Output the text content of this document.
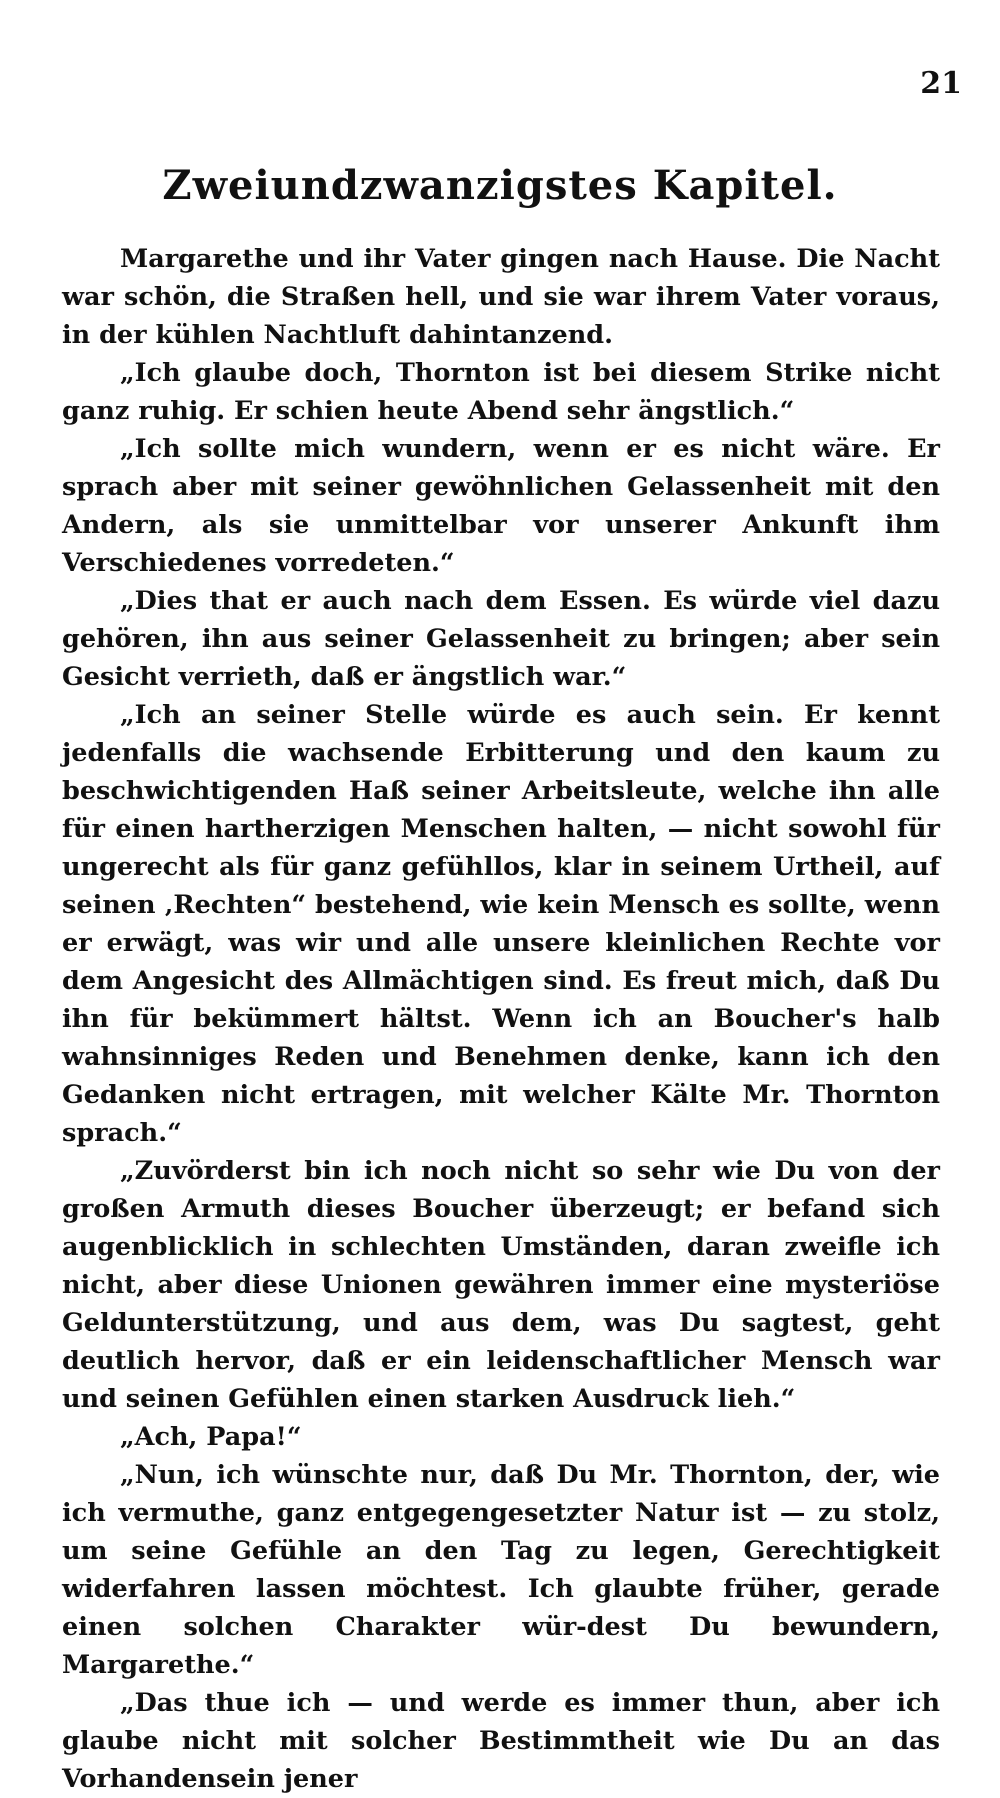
21
Zweiundzwanzigstes Kapitel.

Margarethe und ihr Vater gingen nach Hause. Die Nacht war schön, die Straßen hell, und sie war ihrem Vater voraus, in der kühlen Nachtluft dahintanzend.

„Ich glaube doch, Thornton ist bei diesem Strike nicht ganz ruhig. Er schien heute Abend sehr ängstlich.“

„Ich sollte mich wundern, wenn er es nicht wäre. Er sprach aber mit seiner gewöhnlichen Gelassenheit mit den Andern, als sie unmittelbar vor unserer Ankunft ihm Verschiedenes vorredeten.“

„Dies that er auch nach dem Essen. Es würde viel dazu gehören, ihn aus seiner Gelassenheit zu bringen; aber sein Gesicht verrieth, daß er ängstlich war.“

„Ich an seiner Stelle würde es auch sein. Er kennt jedenfalls die wachsende Erbitterung und den kaum zu beschwichtigenden Haß seiner Arbeitsleute, welche ihn alle für einen hartherzigen Menschen halten, — nicht sowohl für ungerecht als für ganz gefühllos, klar in seinem Urtheil, auf seinen ‚Rechten“ bestehend, wie kein Mensch es sollte, wenn er erwägt, was wir und alle unsere kleinlichen Rechte vor dem Angesicht des Allmächtigen sind. Es freut mich, daß Du ihn für bekümmert hältst. Wenn ich an Boucher's halb wahnsinniges Reden und Benehmen denke, kann ich den Gedanken nicht ertragen, mit welcher Kälte Mr. Thornton sprach.“

„Zuvörderst bin ich noch nicht so sehr wie Du von der großen Armuth dieses Boucher überzeugt; er befand sich augenblicklich in schlechten Umständen, daran zweifle ich nicht, aber diese Unionen gewähren immer eine mysteriöse Geldunterstützung, und aus dem, was Du sagtest, geht deutlich hervor, daß er ein leidenschaftlicher Mensch war und seinen Gefühlen einen starken Ausdruck lieh.“

„Ach, Papa!“

„Nun, ich wünschte nur, daß Du Mr. Thornton, der, wie ich vermuthe, ganz entgegengesetzter Natur ist — zu stolz, um seine Gefühle an den Tag zu legen, Gerechtigkeit widerfahren lassen möchtest. Ich glaubte früher, gerade einen solchen Charakter wür-dest Du bewundern, Margarethe.“

„Das thue ich — und werde es immer thun, aber ich glaube nicht mit solcher Bestimmtheit wie Du an das Vorhandensein jener
